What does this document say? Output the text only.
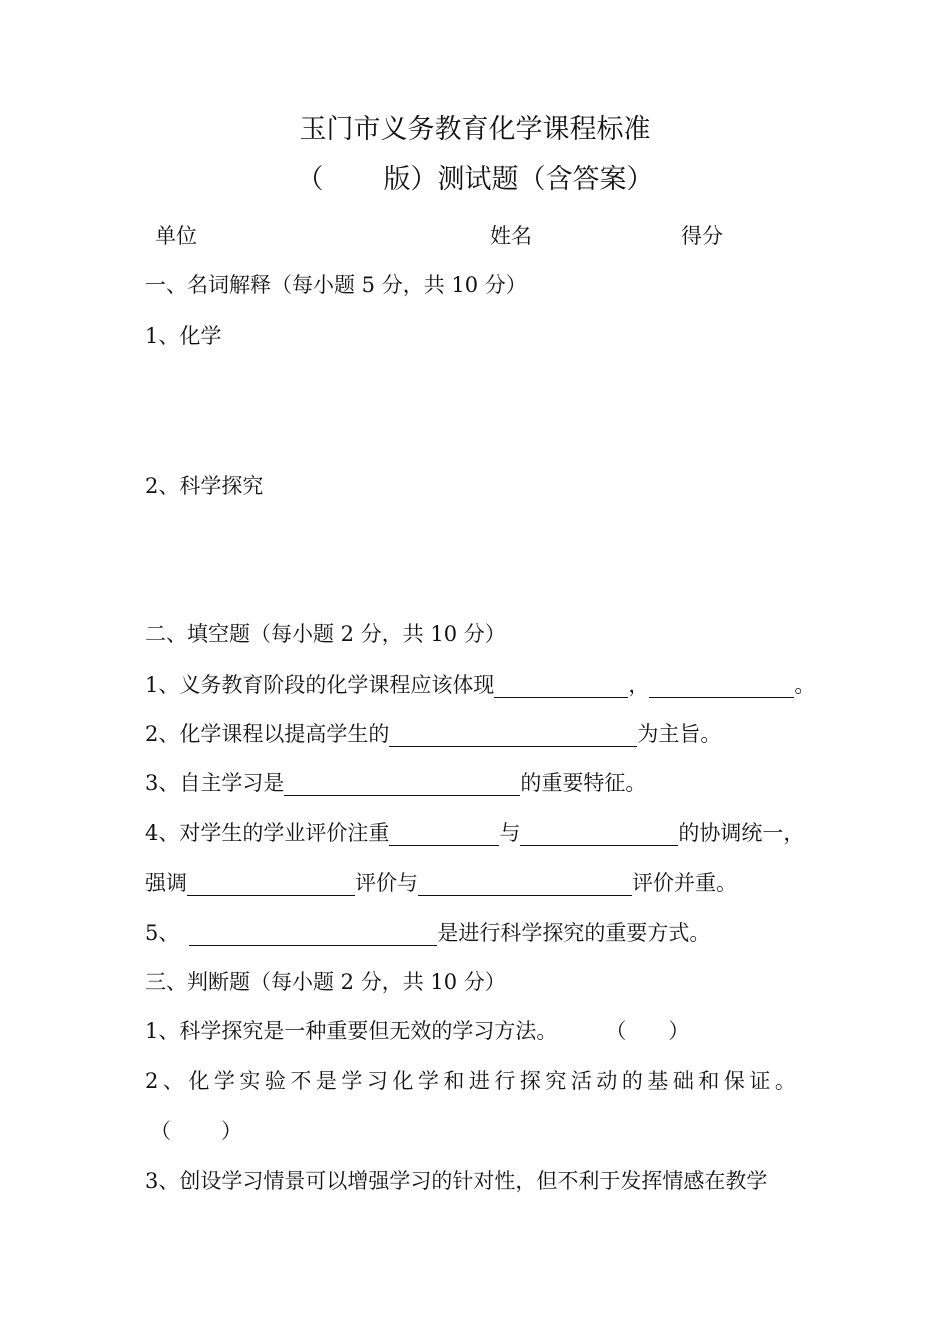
玉门市义务教育化学课程标准
（ 版）测试题（含答案）
单位	姓名	得分
一、名词解释（每小题 5 分，共 10 分）
1、化学
2、科学探究
二、填空题（每小题 2 分，共 10 分）
1、义务教育阶段的化学课程应该体现	，	。
2、化学课程以提高学生的	为主旨。
3、自主学习是	的重要特征。
4、对学生的学业评价注重	与	的协调统一，
强调	评价与	评价并重。
5、	是进行科学探究的重要方式。
三、判断题（每小题 2 分，共 10 分）
1、科学探究是一种重要但无效的学习方法。 （ ）
2、化学实验不是学习化学和进行探究活动的基础和保证。
（ ）
3、创设学习情景可以增强学习的针对性，但不利于发挥情感在教学
